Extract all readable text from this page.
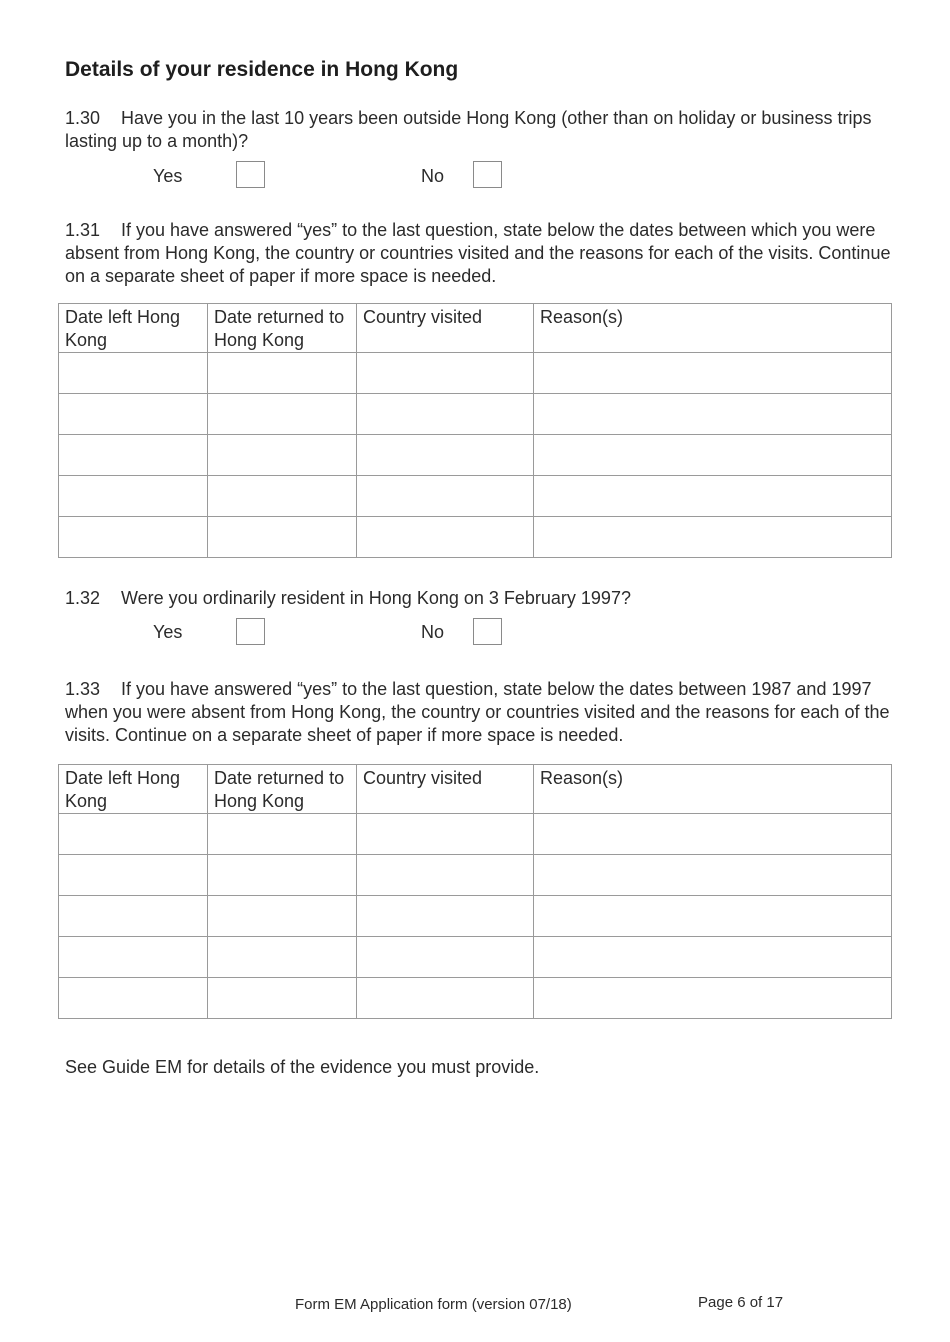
Details of your residence in Hong Kong
1.30 Have you in the last 10 years been outside Hong Kong (other than on holiday or business trips lasting up to a month)?
Yes	No
1.31 If you have answered “yes” to the last question, state below the dates between which you were absent from Hong Kong, the country or countries visited and the reasons for each of the visits. Continue on a separate sheet of paper if more space is needed.
Date left Hong Kong	Date returned to Hong Kong	Country visited	Reason(s)

1.32 Were you ordinarily resident in Hong Kong on 3 February 1997?
Yes	No
1.33 If you have answered “yes” to the last question, state below the dates between 1987 and 1997 when you were absent from Hong Kong, the country or countries visited and the reasons for each of the visits. Continue on a separate sheet of paper if more space is needed.
Date left Hong Kong	Date returned to Hong Kong	Country visited	Reason(s)

See Guide EM for details of the evidence you must provide.
Form EM Application form (version 07/18)	Page 6 of 17
